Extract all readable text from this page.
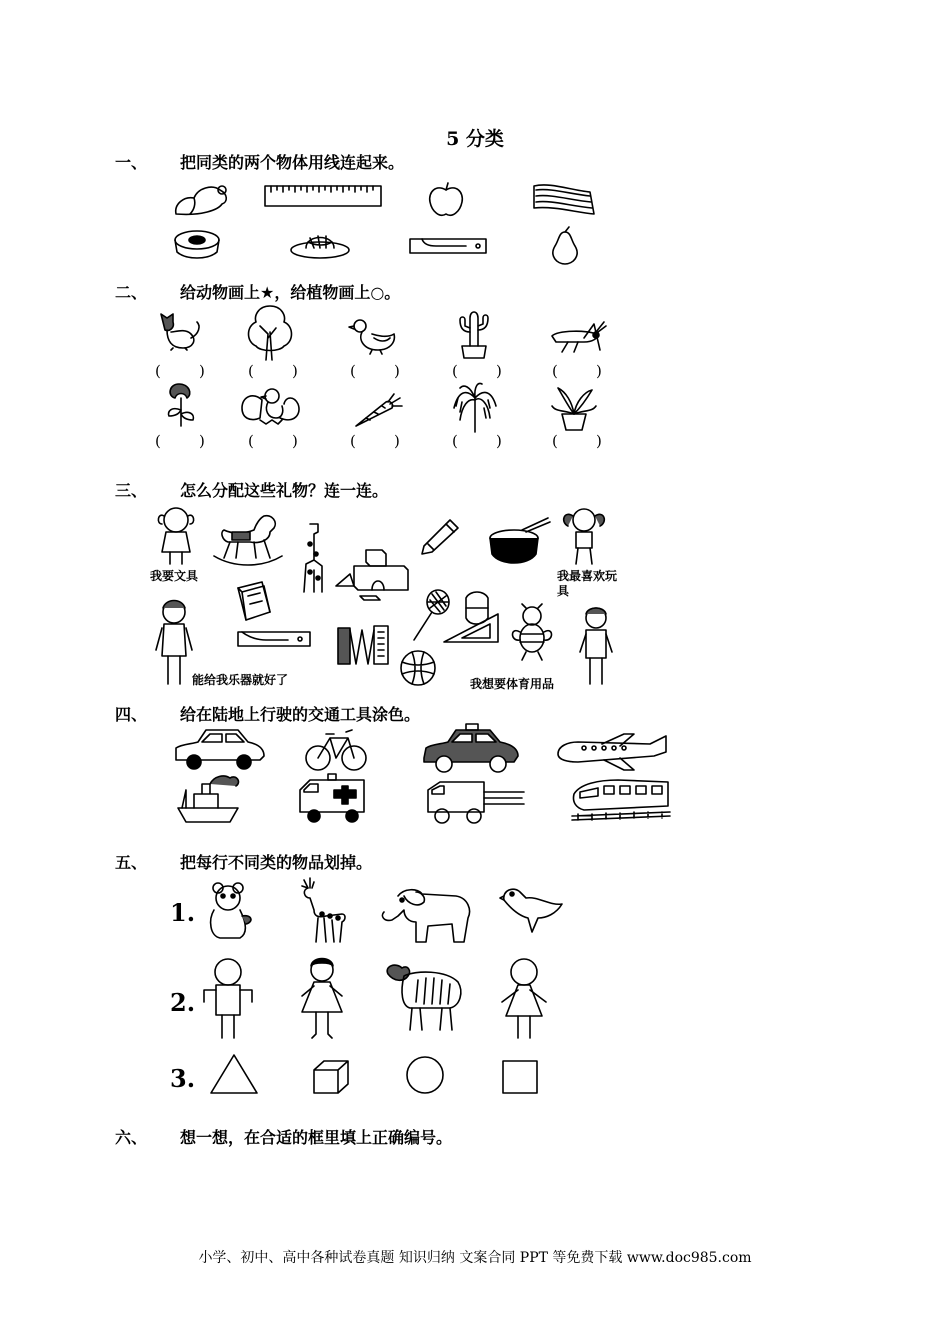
5 分类
一、 把同类的两个物体用线连起来。
二、 给动物画上★，给植物画上○。
(        )	(        )	(        )	(        )	(        )
(        )	(        )	(        )	(        )	(        )
三、 怎么分配这些礼物？连一连。
我要文具	我最喜欢玩具
能给我乐器就好了	我想要体育用品
四、 给在陆地上行驶的交通工具涂色。
五、 把每行不同类的物品划掉。
1.
2.
3.
六、 想一想，在合适的框里填上正确编号。
小学、初中、高中各种试卷真题 知识归纳 文案合同 PPT 等免费下载 www.doc985.com
